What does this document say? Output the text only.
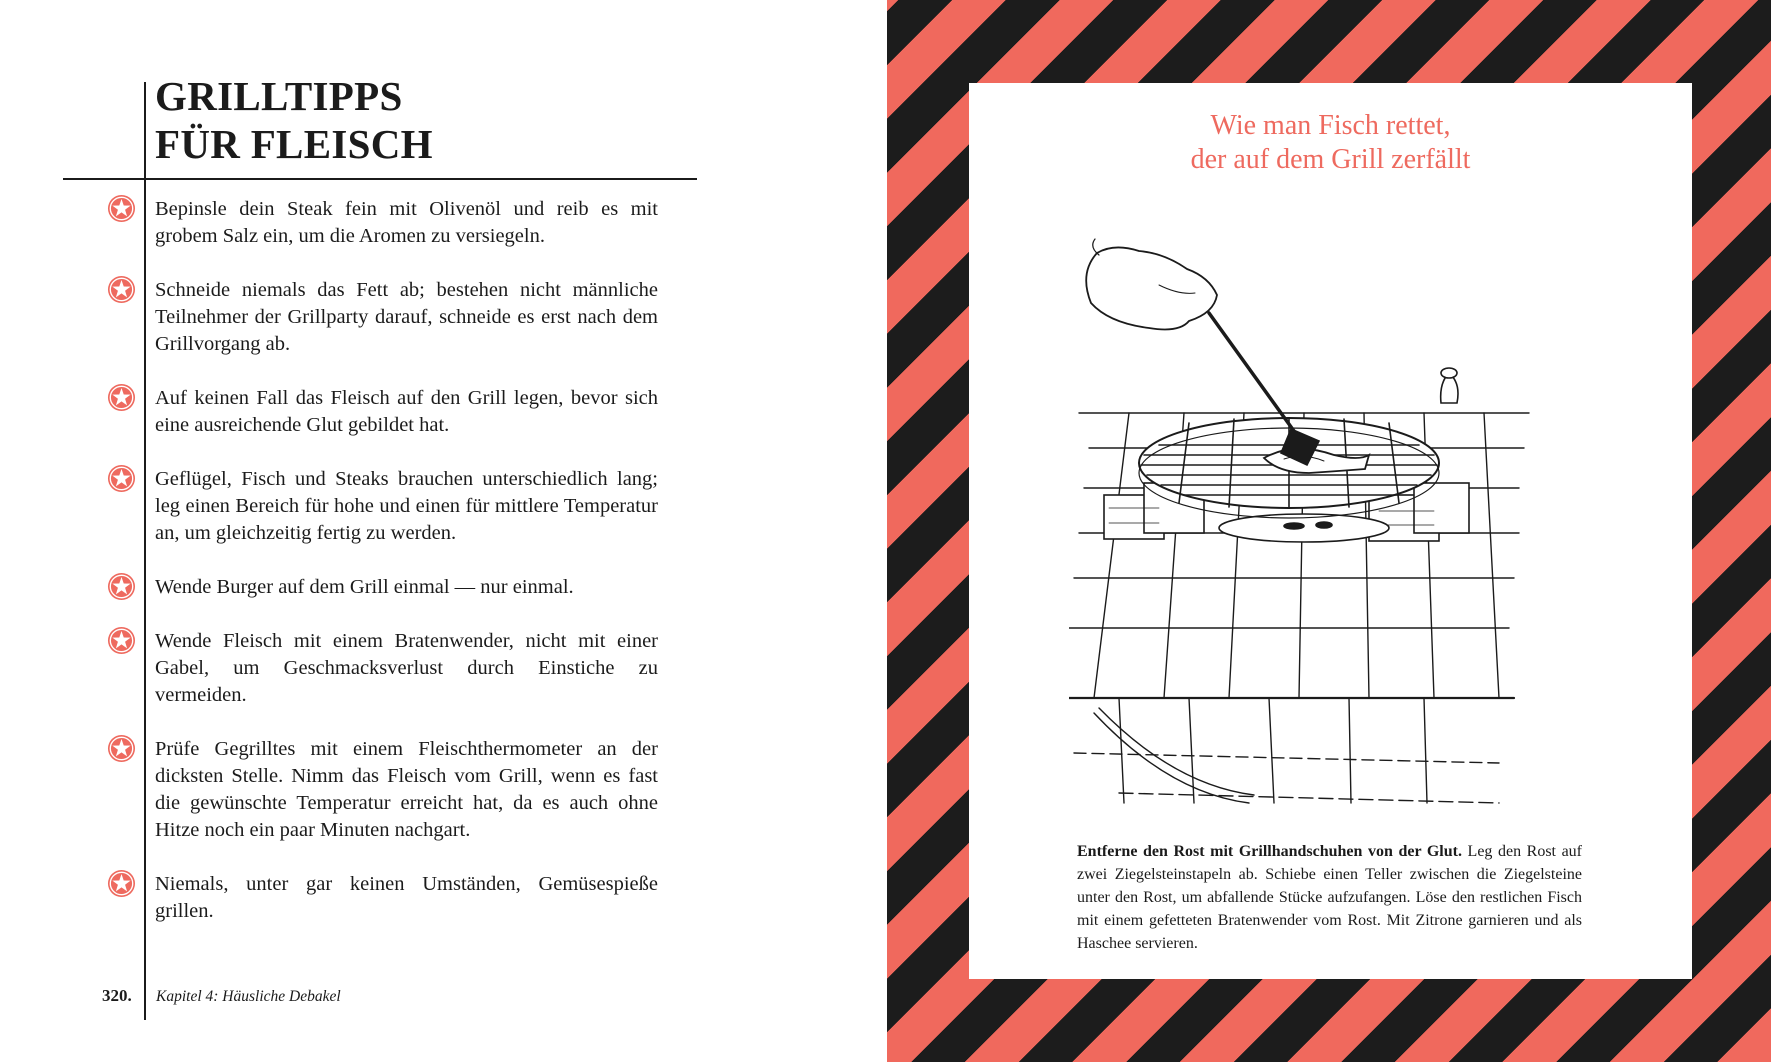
GRILLTIPPS
FÜR FLEISCH
Bepinsle dein Steak fein mit Olivenöl und reib es mit grobem Salz ein, um die Aromen zu versiegeln.
Schneide niemals das Fett ab; bestehen nicht männliche Teilnehmer der Grillparty darauf, schneide es erst nach dem Grillvorgang ab.
Auf keinen Fall das Fleisch auf den Grill legen, bevor sich eine ausreichende Glut gebildet hat.
Geflügel, Fisch und Steaks brauchen unterschiedlich lang; leg einen Bereich für hohe und einen für mittlere Temperatur an, um gleichzeitig fertig zu werden.
Wende Burger auf dem Grill einmal — nur einmal.
Wende Fleisch mit einem Bratenwender, nicht mit einer Gabel, um Geschmacksverlust durch Einstiche zu vermeiden.
Prüfe Gegrilltes mit einem Fleischthermometer an der dicksten Stelle. Nimm das Fleisch vom Grill, wenn es fast die gewünschte Temperatur erreicht hat, da es auch ohne Hitze noch ein paar Minuten nachgart.
Niemals, unter gar keinen Umständen, Gemüsespieße grillen.
320. Kapitel 4: Häusliche Debakel
Wie man Fisch rettet,
der auf dem Grill zerfällt
Entferne den Rost mit Grillhandschuhen von der Glut. Leg den Rost auf zwei Ziegelsteinstapeln ab. Schiebe einen Teller zwischen die Ziegelsteine unter den Rost, um abfallende Stücke aufzufangen. Löse den restlichen Fisch mit einem gefetteten Bratenwender vom Rost. Mit Zitrone garnieren und als Haschee servieren.
